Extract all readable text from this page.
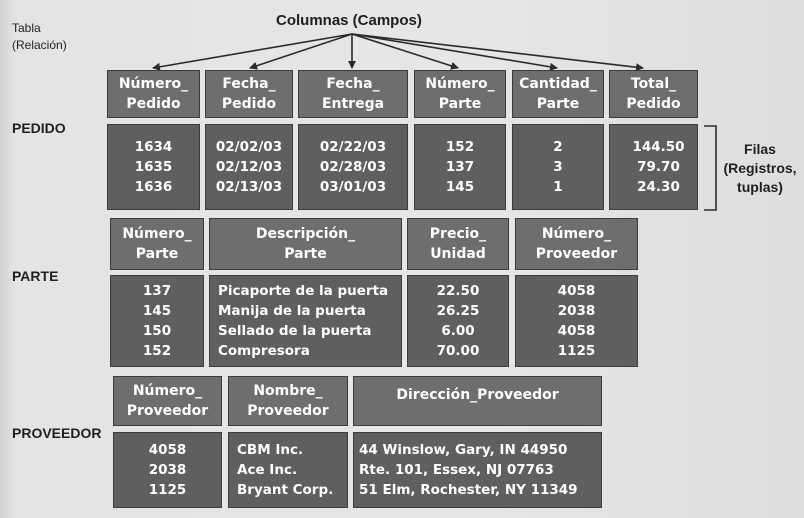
Columnas (Campos)
Tabla
(Relación)
Filas
(Registros,
tuplas)
PEDIDO
PARTE
PROVEEDOR
Número_
Pedido
Fecha_
Pedido
Fecha_
Entrega
Número_
Parte
Cantidad_
Parte
Total_
Pedido
1634
1635
1636
02/02/03
02/12/03
02/13/03
02/22/03
02/28/03
03/01/03
152
137
145
2
3
1
144.50
79.70
24.30
Número_
Parte
Descripción_
Parte
Precio_
Unidad
Número_
Proveedor
137
145
150
152
Picaporte de la puerta
Manija de la puerta
Sellado de la puerta
Compresora
22.50
26.25
6.00
70.00
4058
2038
4058
1125
Número_
Proveedor
Nombre_
Proveedor
Dirección_Proveedor
4058
2038
1125
CBM Inc.
Ace Inc.
Bryant Corp.
44 Winslow, Gary, IN 44950
Rte. 101, Essex, NJ 07763
51 Elm, Rochester, NY 11349
